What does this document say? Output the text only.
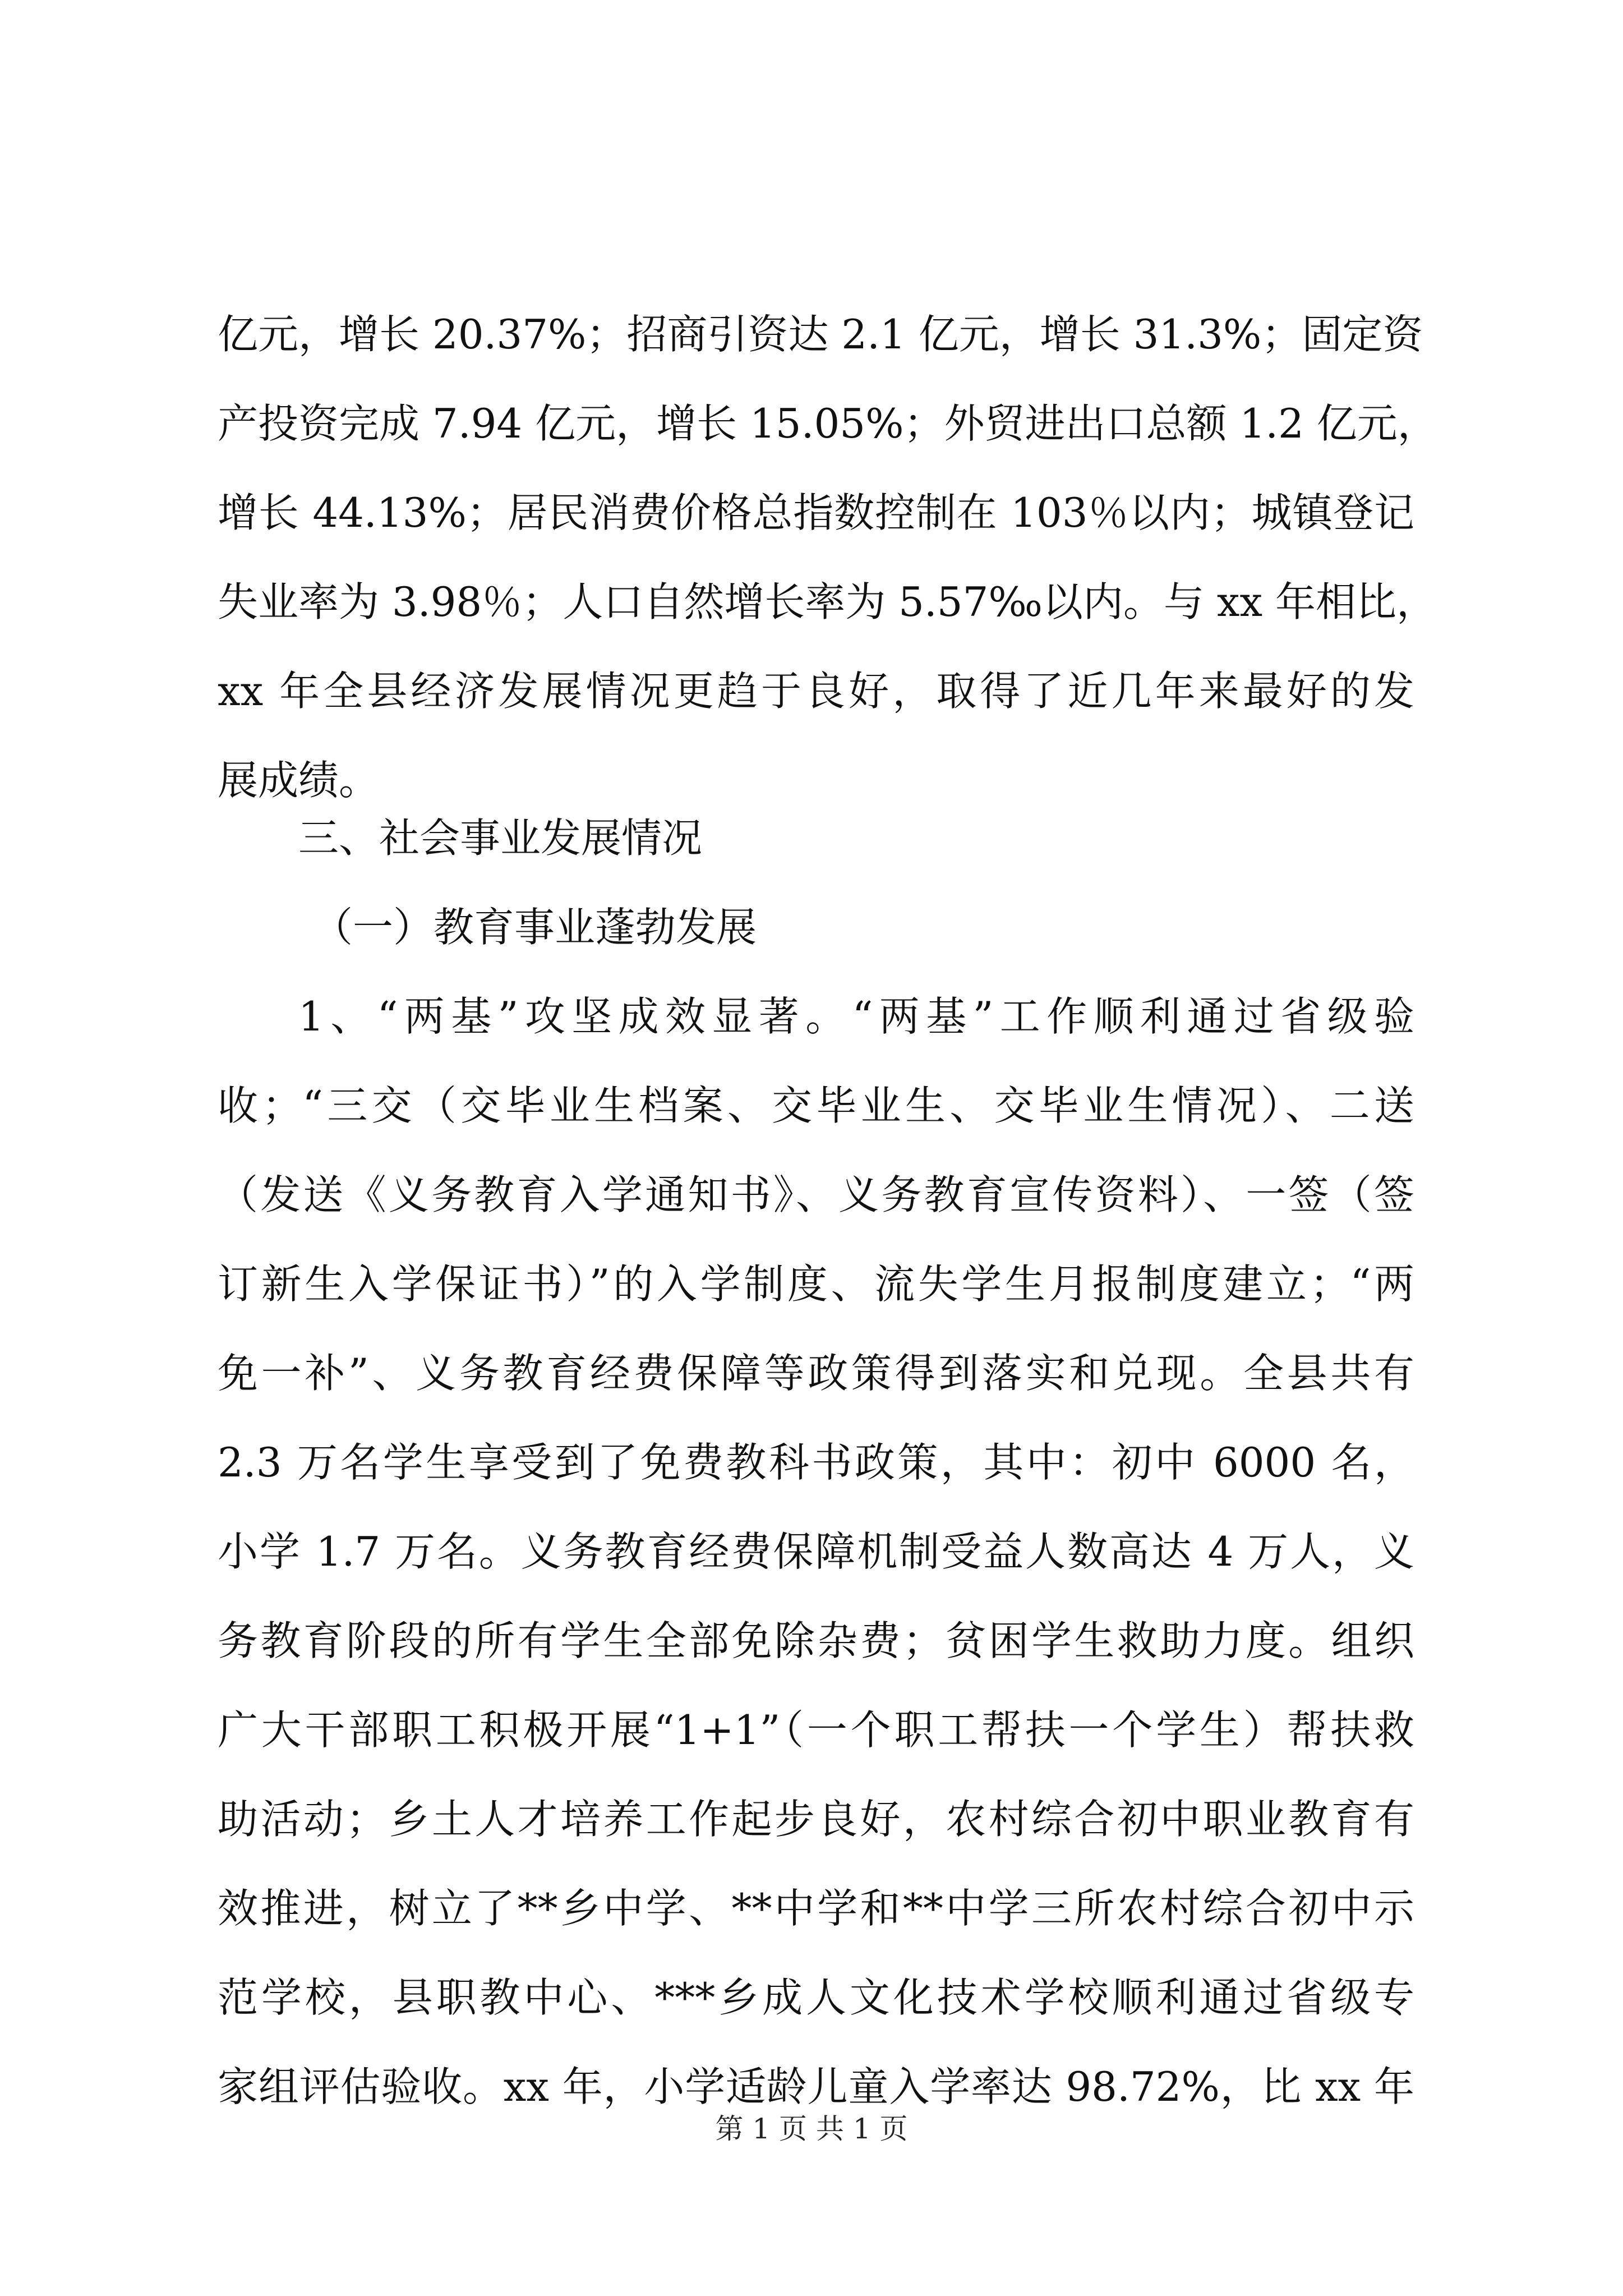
亿元，增长 20.37%；招商引资达 2.1 亿元，增长 31.3%；固定资
产投资完成 7.94 亿元，增长 15.05%；外贸进出口总额 1.2 亿元，
增长 44.13%；居民消费价格总指数控制在 103％以内；城镇登记
失业率为 3.98％；人口自然增长率为 5.57‰以内。与 xx 年相比，
xx 年全县经济发展情况更趋于良好，取得了近几年来最好的发
展成绩。
三、社会事业发展情况
（一）教育事业蓬勃发展
1、“两基”攻坚成效显著。“两基”工作顺利通过省级验
收；“三交（交毕业生档案、交毕业生、交毕业生情况）、二送
（发送《义务教育入学通知书》、义务教育宣传资料）、一签（签
订新生入学保证书）”的入学制度、流失学生月报制度建立；“两
免一补”、义务教育经费保障等政策得到落实和兑现。全县共有
2.3 万名学生享受到了免费教科书政策，其中：初中 6000 名，
小学 1.7 万名。义务教育经费保障机制受益人数高达 4 万人，义
务教育阶段的所有学生全部免除杂费；贫困学生救助力度。组织
广大干部职工积极开展“1+1”（一个职工帮扶一个学生）帮扶救
助活动；乡土人才培养工作起步良好，农村综合初中职业教育有
效推进，树立了**乡中学、**中学和**中学三所农村综合初中示
范学校，县职教中心、***乡成人文化技术学校顺利通过省级专
家组评估验收。xx 年，小学适龄儿童入学率达 98.72%，比 xx 年
第 1 页 共 1 页
